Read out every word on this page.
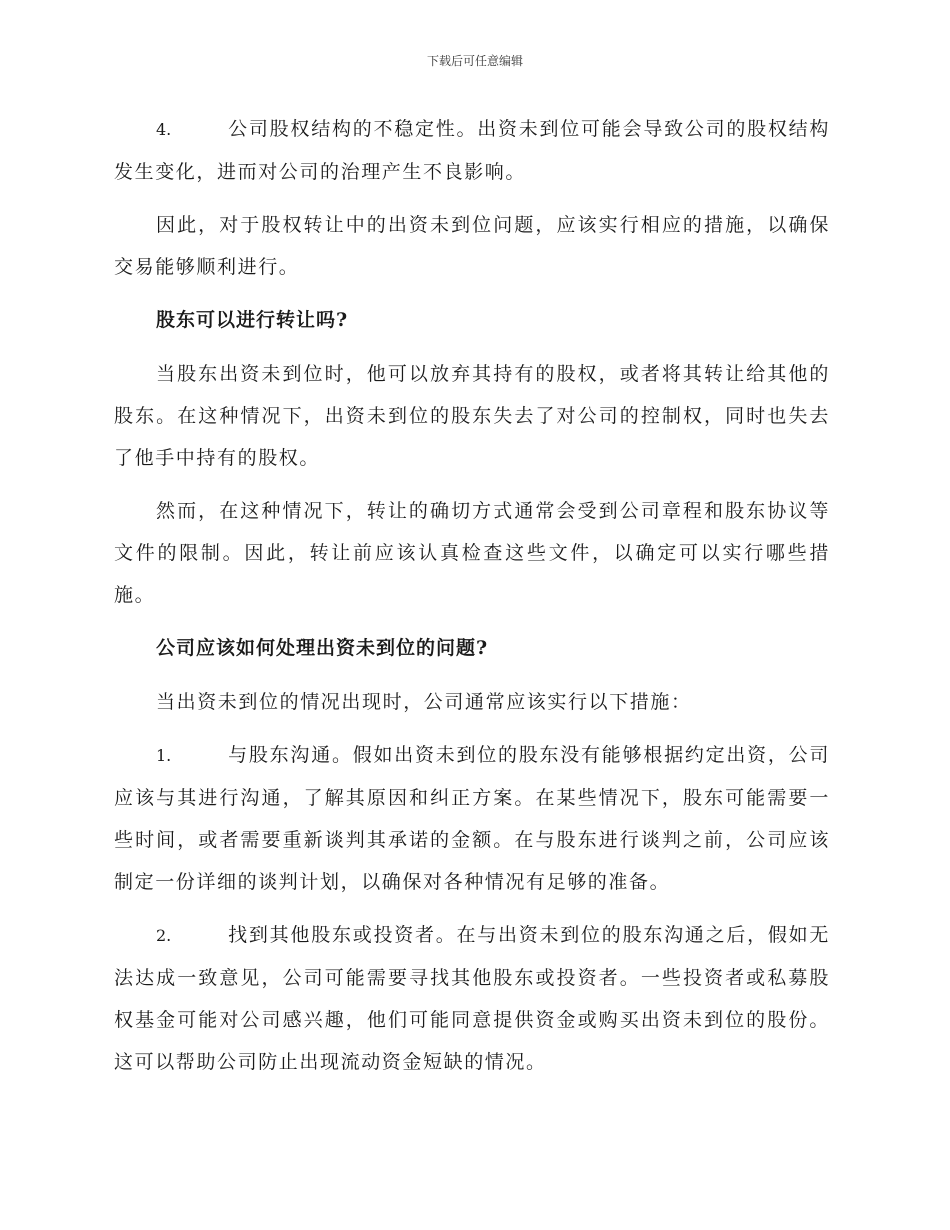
下载后可任意编辑

4.	公司股权结构的不稳定性。出资未到位可能会导致公司的股权结构发生变化，进而对公司的治理产生不良影响。

因此，对于股权转让中的出资未到位问题，应该实行相应的措施，以确保交易能够顺利进行。

股东可以进行转让吗?

当股东出资未到位时，他可以放弃其持有的股权，或者将其转让给其他的股东。在这种情况下，出资未到位的股东失去了对公司的控制权，同时也失去了他手中持有的股权。

然而，在这种情况下，转让的确切方式通常会受到公司章程和股东协议等文件的限制。因此，转让前应该认真检查这些文件，以确定可以实行哪些措施。

公司应该如何处理出资未到位的问题?

当出资未到位的情况出现时，公司通常应该实行以下措施：

1.	与股东沟通。假如出资未到位的股东没有能够根据约定出资，公司应该与其进行沟通，了解其原因和纠正方案。在某些情况下，股东可能需要一些时间，或者需要重新谈判其承诺的金额。在与股东进行谈判之前，公司应该制定一份详细的谈判计划，以确保对各种情况有足够的准备。

2.	找到其他股东或投资者。在与出资未到位的股东沟通之后，假如无法达成一致意见，公司可能需要寻找其他股东或投资者。一些投资者或私募股权基金可能对公司感兴趣，他们可能同意提供资金或购买出资未到位的股份。这可以帮助公司防止出现流动资金短缺的情况。
